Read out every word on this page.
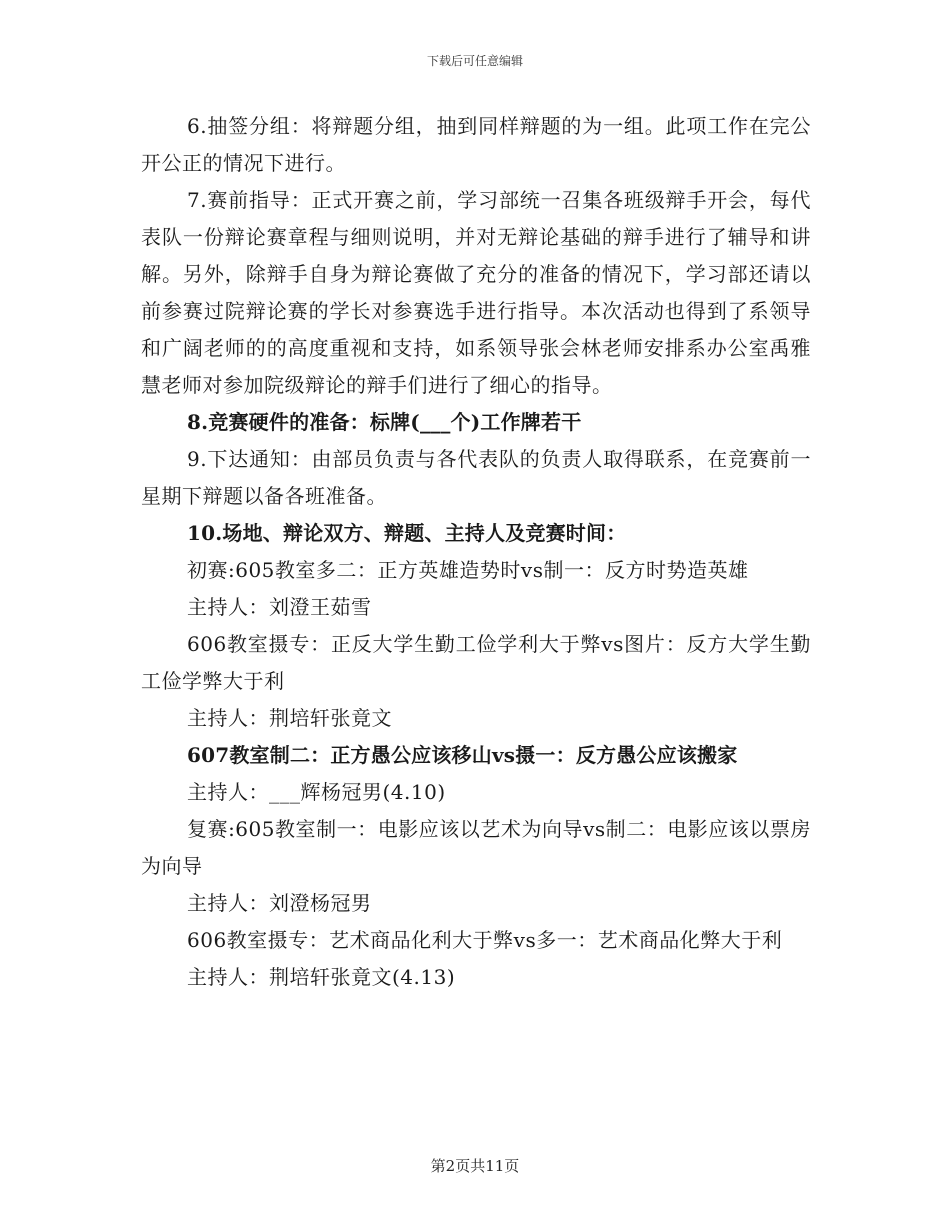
下载后可任意编辑

6.抽签分组：将辩题分组，抽到同样辩题的为一组。此项工作在完公开公正的情况下进行。

7.赛前指导：正式开赛之前，学习部统一召集各班级辩手开会，每代表队一份辩论赛章程与细则说明，并对无辩论基础的辩手进行了辅导和讲解。另外，除辩手自身为辩论赛做了充分的准备的情况下，学习部还请以前参赛过院辩论赛的学长对参赛选手进行指导。本次活动也得到了系领导和广阔老师的的高度重视和支持，如系领导张会林老师安排系办公室禹雅慧老师对参加院级辩论的辩手们进行了细心的指导。

8.竞赛硬件的准备：标牌(___个)工作牌若干

9.下达通知：由部员负责与各代表队的负责人取得联系，在竞赛前一星期下辩题以备各班准备。

10.场地、辩论双方、辩题、主持人及竞赛时间：

初赛:605教室多二：正方英雄造势时vs制一：反方时势造英雄

主持人：刘澄王茹雪

606教室摄专：正反大学生勤工俭学利大于弊vs图片：反方大学生勤工俭学弊大于利

主持人：荆培轩张竟文

607教室制二：正方愚公应该移山vs摄一：反方愚公应该搬家

主持人：___辉杨冠男(4.10)

复赛:605教室制一：电影应该以艺术为向导vs制二：电影应该以票房为向导

主持人：刘澄杨冠男

606教室摄专：艺术商品化利大于弊vs多一：艺术商品化弊大于利

主持人：荆培轩张竟文(4.13)

第2页共11页
